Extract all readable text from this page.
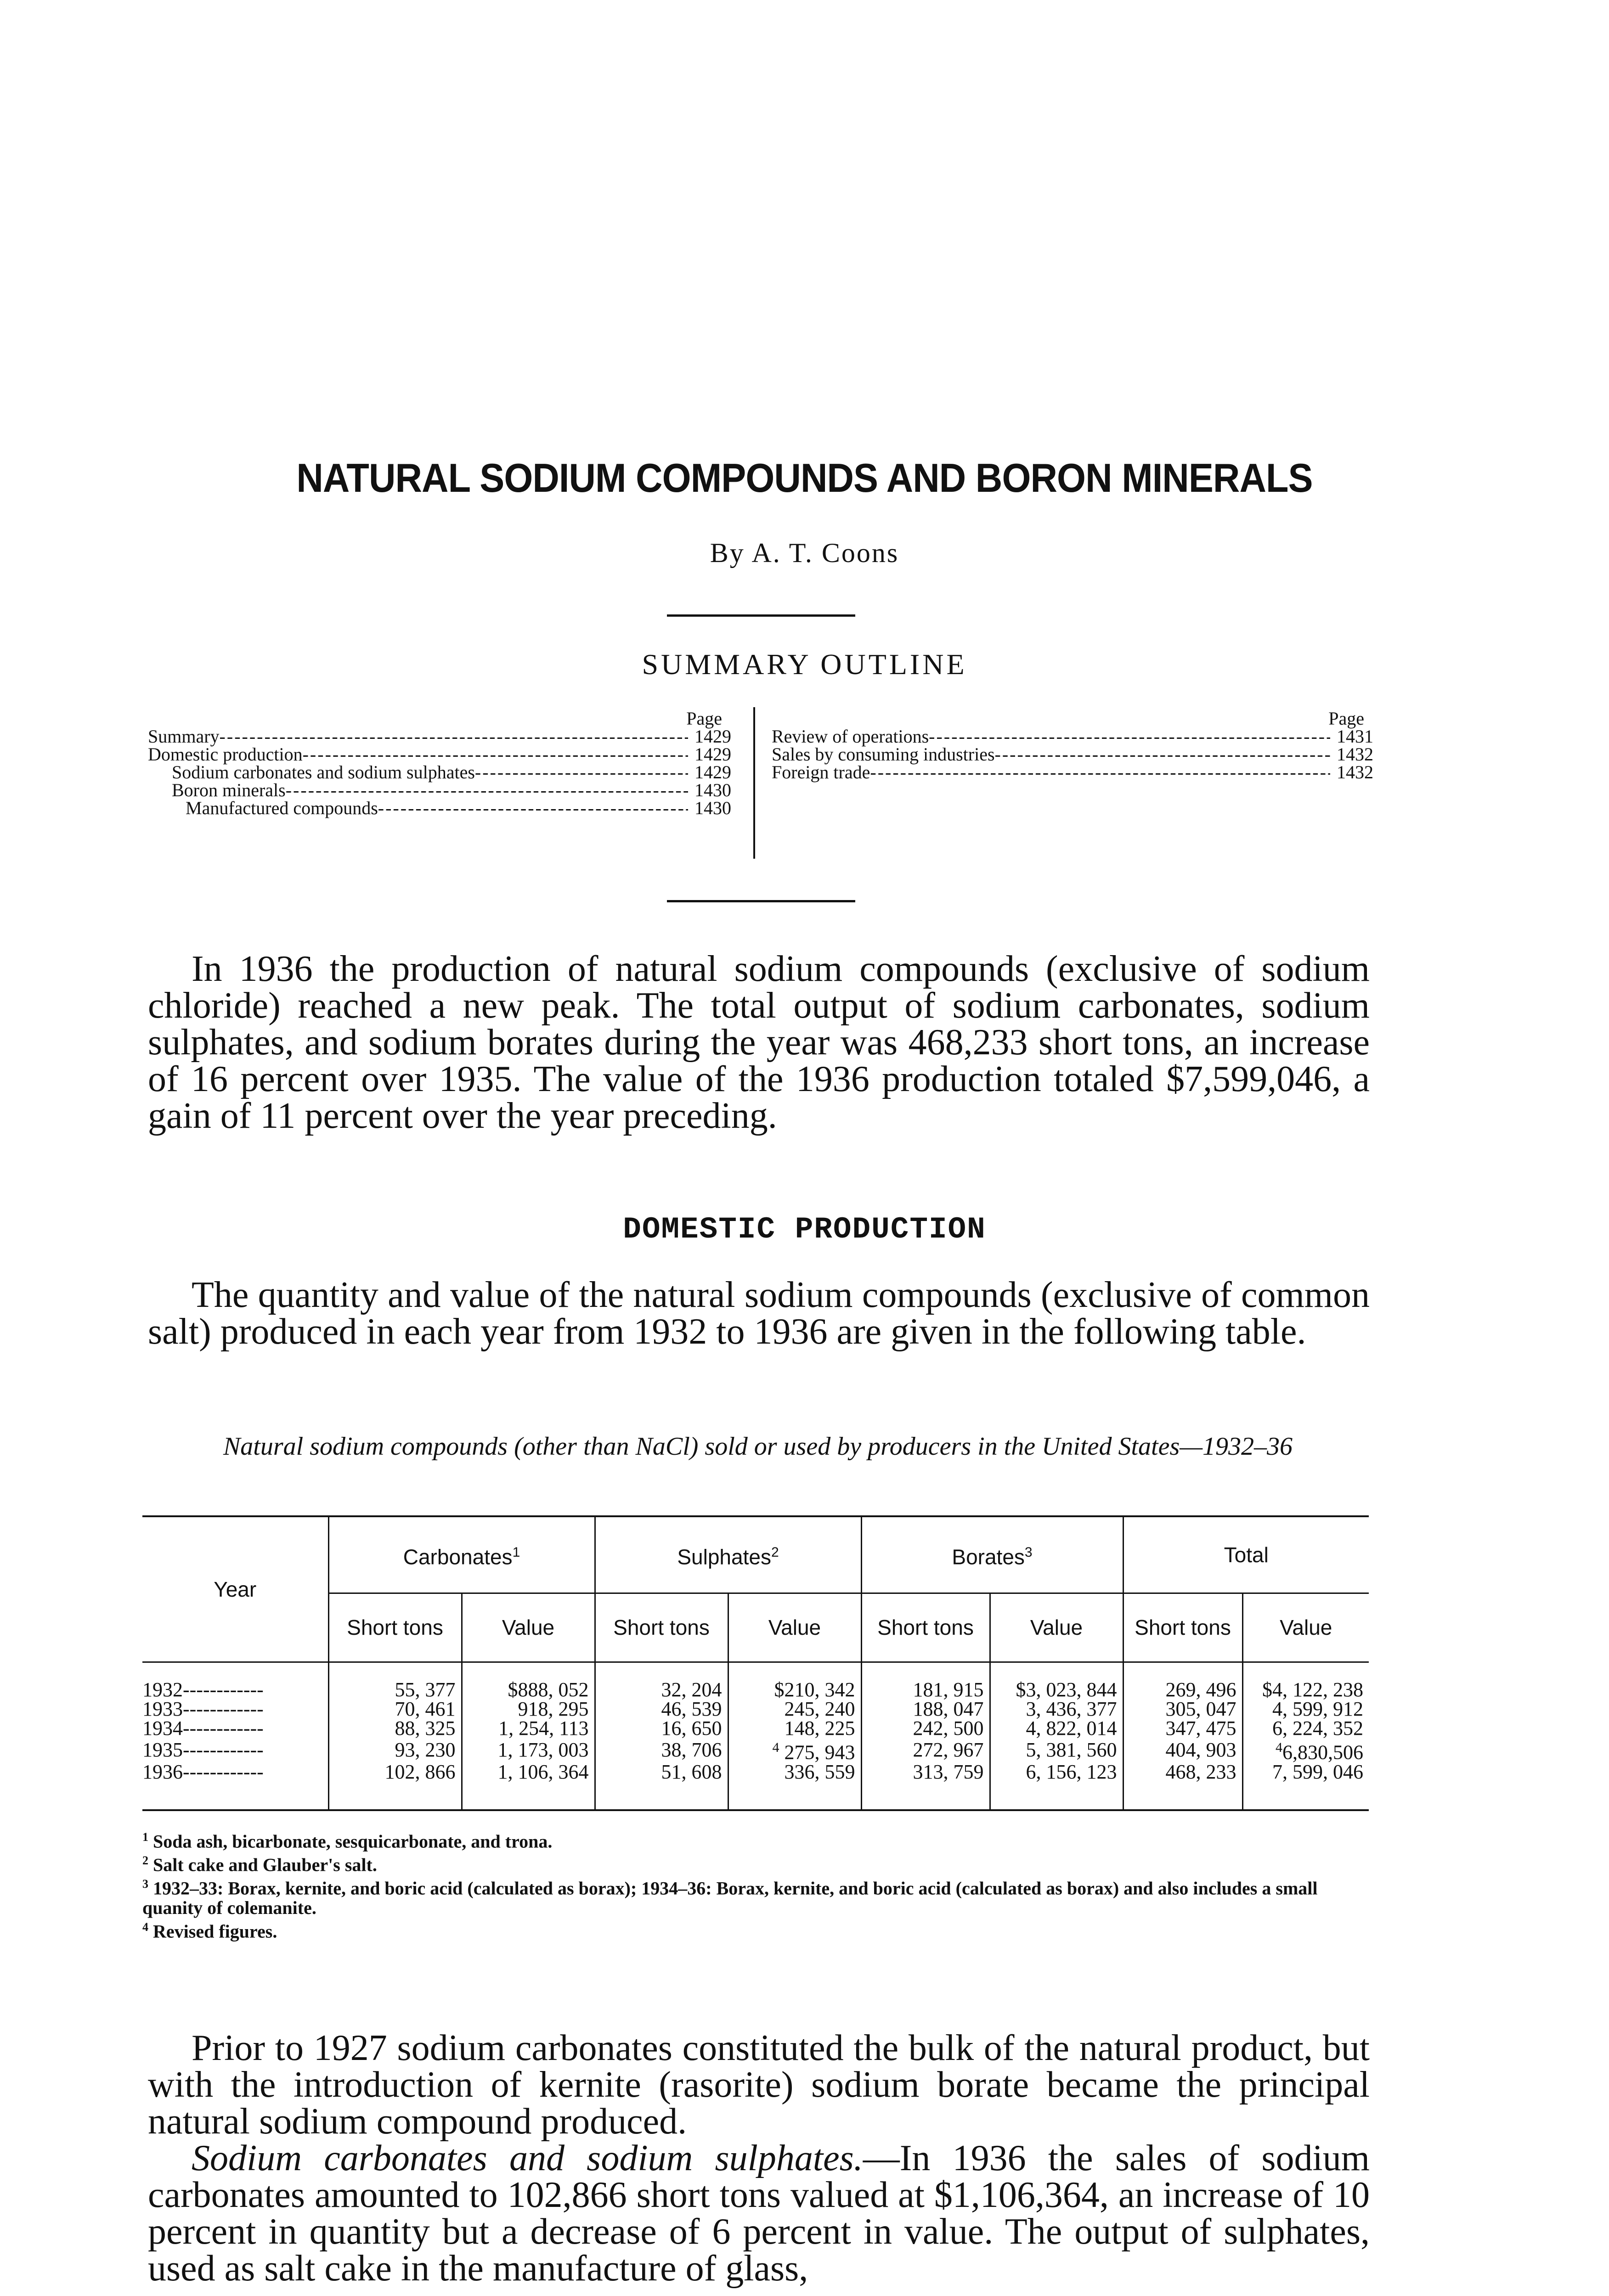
NATURAL SODIUM COMPOUNDS AND BORON MINERALS
By A. T. Coons
SUMMARY OUTLINE
Page
Summary -----	1429
Domestic production -----	1429
Sodium carbonates and sodium sulphates -----	1429
Boron minerals -----	1430
Manufactured compounds -----	1430
Page
Review of operations -----	1431
Sales by consuming industries -----	1432
Foreign trade -----	1432

In 1936 the production of natural sodium compounds (exclusive of sodium chloride) reached a new peak. The total output of sodium carbonates, sodium sulphates, and sodium borates during the year was 468,233 short tons, an increase of 16 percent over 1935. The value of the 1936 production totaled $7,599,046, a gain of 11 percent over the year preceding.

DOMESTIC PRODUCTION

The quantity and value of the natural sodium compounds (exclusive of common salt) produced in each year from 1932 to 1936 are given in the following table.

Natural sodium compounds (other than NaCl) sold or used by producers in the United States—1932–36
Year	Carbonates$^1$		Sulphates$^2$		Borates$^3$		Total	
	Short tons	Value	Short tons	Value	Short tons	Value	Short tons	Value

1932------------	55, 377	$888, 052	32, 204	$210, 342	181, 915	$3, 023, 844	269, 496	$4, 122, 238
1933------------	70, 461	918, 295	46, 539	245, 240	188, 047	3, 436, 377	305, 047	4, 599, 912
1934------------	88, 325	1, 254, 113	16, 650	148, 225	242, 500	4, 822, 014	347, 475	6, 224, 352
1935------------	93, 230	1, 173, 003	38, 706	$^4$ 275, 943	272, 967	5, 381, 560	404, 903	$^4$6,830,506
1936------------	102, 866	1, 106, 364	51, 608	336, 559	313, 759	6, 156, 123	468, 233	7, 599, 046

$^1$ Soda ash, bicarbonate, sesquicarbonate, and trona.
$^2$ Salt cake and Glauber's salt.
$^3$ 1932–33: Borax, kernite, and boric acid (calculated as borax); 1934–36: Borax, kernite, and boric acid (calculated as borax) and also includes a small quanity of colemanite.
$^4$ Revised figures.

Prior to 1927 sodium carbonates constituted the bulk of the natural product, but with the introduction of kernite (rasorite) sodium borate became the principal natural sodium compound produced.

Sodium carbonates and sodium sulphates.—In 1936 the sales of sodium carbonates amounted to 102,866 short tons valued at $1,106,364, an increase of 10 percent in quantity but a decrease of 6 percent in value. The output of sulphates, used as salt cake in the manufacture of glass,
